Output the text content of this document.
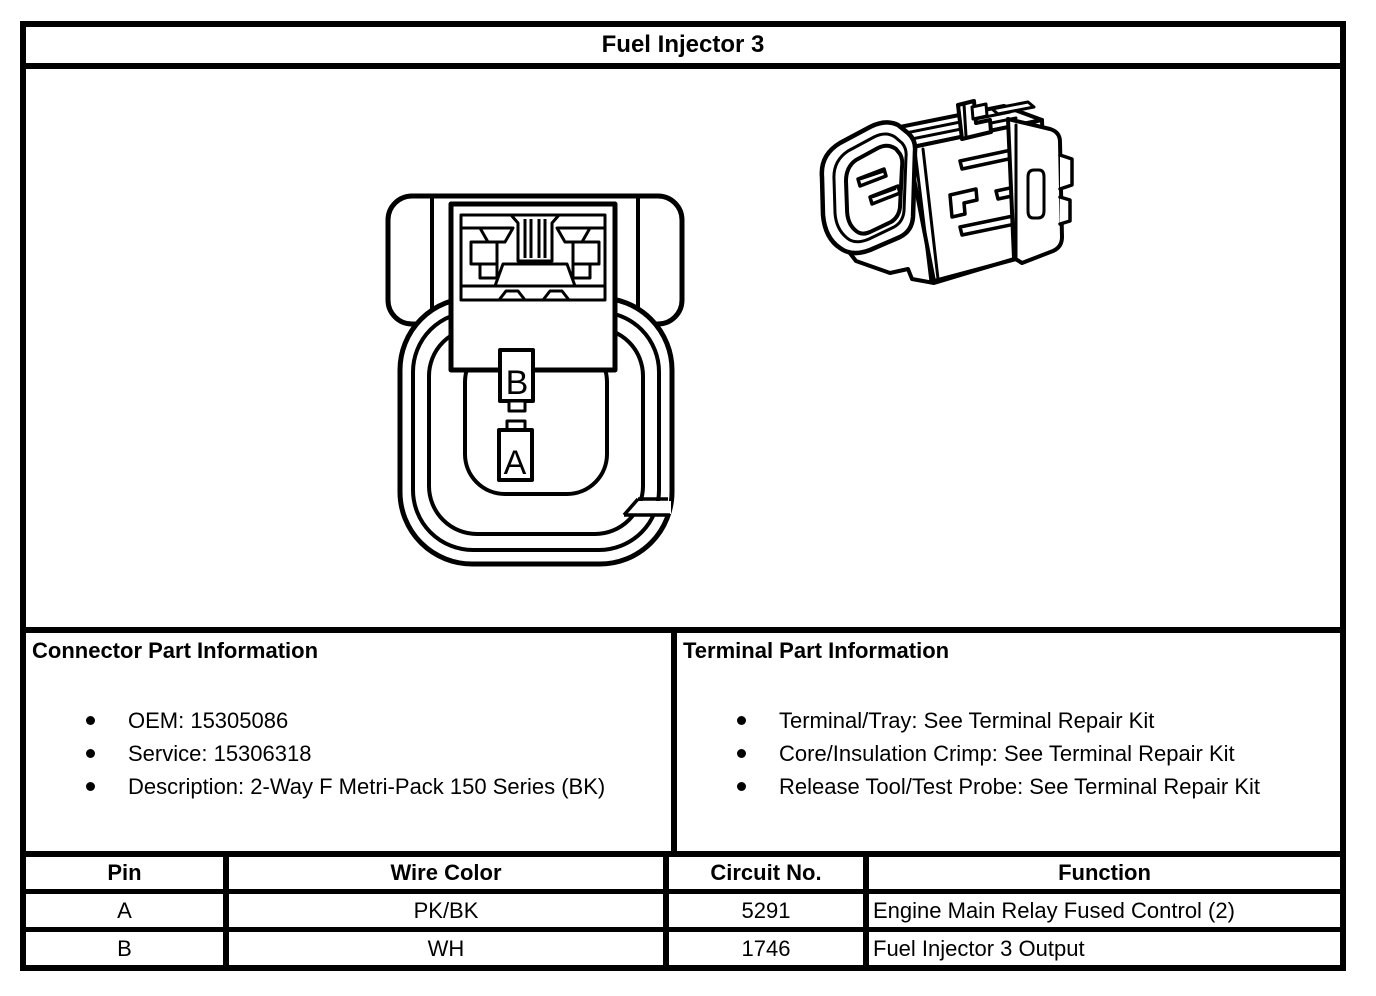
Fuel Injector 3
B
A
Connector Part Information
OEM: 15305086
Service: 15306318
Description: 2-Way F Metri-Pack 150 Series (BK)
Terminal Part Information
Terminal/Tray: See Terminal Repair Kit
Core/Insulation Crimp: See Terminal Repair Kit
Release Tool/Test Probe: See Terminal Repair Kit
Pin	Wire Color	Circuit No.	Function
A	PK/BK	5291	Engine Main Relay Fused Control (2)
B	WH	1746	Fuel Injector 3 Output
